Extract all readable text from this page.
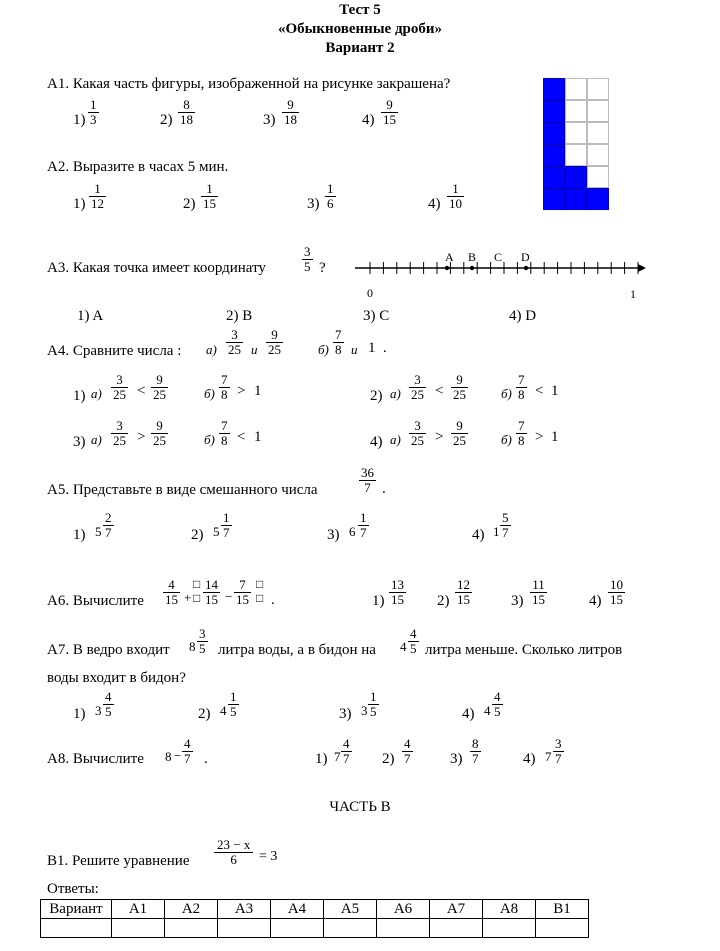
Тест 5
«Обыкновенные дроби»
Вариант 2
А1. Какая часть фигуры, изображенной на рисунке закрашена?
$1) \frac{1}{3}$	$2) \frac{8}{18}$	$3) \frac{9}{18}$	$4) \frac{9}{15}$
А2. Выразите в часах 5 мин.
$1) \frac{1}{12}$	$2) \frac{1}{15}$	$3) \frac{1}{6}$	$4) \frac{1}{10}$
А3. Какая точка имеет координату	$\frac{3}{5}$ ?
A B C D
0	1
1) A	2) B	3) C	4) D
А4. Сравните числа : $а) \frac{3}{25}$ и $\frac{9}{25}$	$б) \frac{7}{8}$ и 1 .
1) $а) \frac{3}{25} < \frac{9}{25}$	$б) \frac{7}{8} > 1$	2) $а) \frac{3}{25} < \frac{9}{25}$	$б) \frac{7}{8} < 1$
3) $а) \frac{3}{25} > \frac{9}{25}$	$б) \frac{7}{8} < 1$	4) $а) \frac{3}{25} > \frac{9}{25}$	$б) \frac{7}{8} > 1$
А5. Представьте в виде смешанного числа	$\frac{36}{7}$ .
1) $5 \frac{2}{7}$	2) $5 \frac{1}{7}$	3) $6 \frac{1}{7}$	4) $1 \frac{5}{7}$
А6. Вычислите $\frac{4}{15}$ +
□
□ $\frac{14}{15} - \frac{7}{15}$ □
□ .	$1) \frac{13}{15} 2) \frac{12}{15}$	$3) \frac{11}{15}$	$4) \frac{10}{15}$
А7. В ведро входит $8 \frac{3}{5}$ литра воды, а в бидон на $4 \frac{4}{5}$ литра меньше. Сколько литров
воды входит в бидон?
1) $3 \frac{4}{5}$	2) $4 \frac{1}{5}$	3) $3 \frac{1}{5}$	4) $4 \frac{4}{5}$
А8. Вычислите $8 - \frac{4}{7}$ .	1) $7 \frac{4}{7} 2) \frac{4}{7}$	$3) \frac{8}{7}$	4) $7 \frac{3}{7}$
ЧАСТЬ В
В1. Решите уравнение $\frac{23 - x}{6} = 3$
Ответы:
Вариант	А1	А2	А3	А4	А5	А6	А7	А8	В1
